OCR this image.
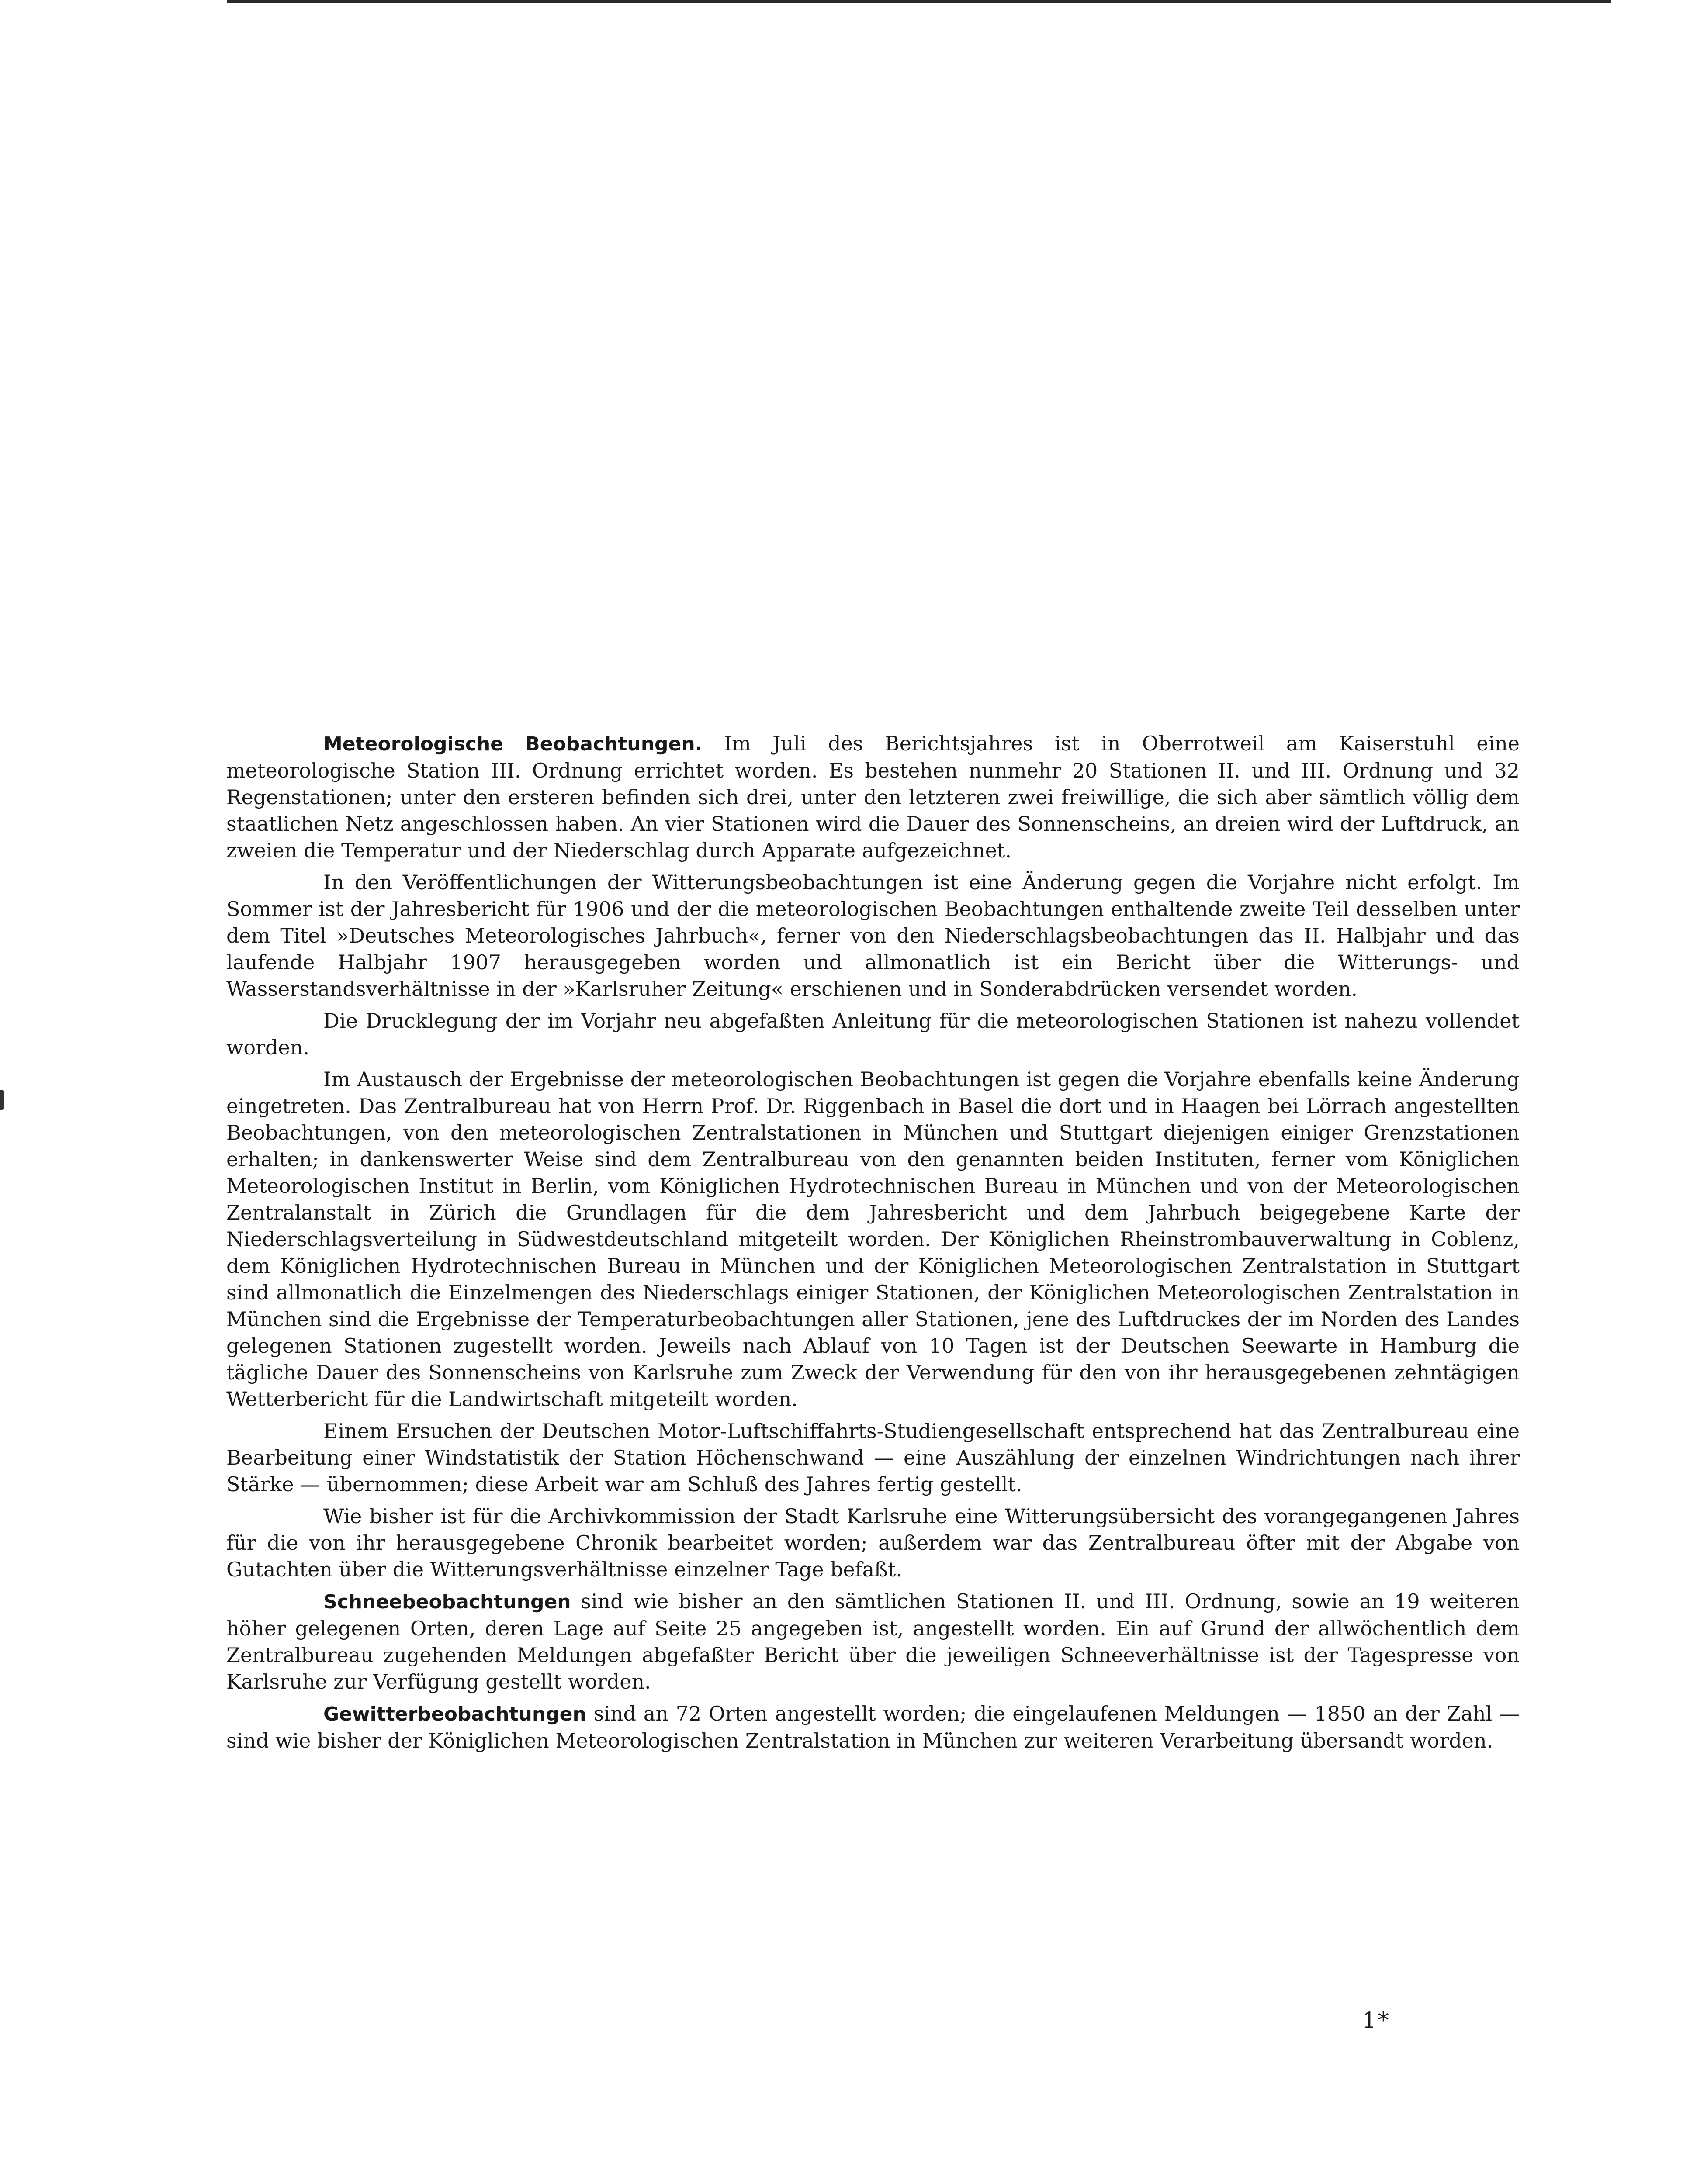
Meteorologische Beobachtungen. Im Juli des Berichtsjahres ist in Oberrotweil am Kaiserstuhl eine meteorologische Station III. Ordnung errichtet worden. Es bestehen nunmehr 20 Stationen II. und III. Ordnung und 32 Regenstationen; unter den ersteren befinden sich drei, unter den letzteren zwei freiwillige, die sich aber sämtlich völlig dem staatlichen Netz angeschlossen haben. An vier Stationen wird die Dauer des Sonnenscheins, an dreien wird der Luftdruck, an zweien die Temperatur und der Niederschlag durch Apparate aufgezeichnet.

In den Veröffentlichungen der Witterungsbeobachtungen ist eine Änderung gegen die Vorjahre nicht erfolgt. Im Sommer ist der Jahresbericht für 1906 und der die meteorologischen Beobachtungen enthaltende zweite Teil desselben unter dem Titel »Deutsches Meteorologisches Jahrbuch«, ferner von den Niederschlagsbeobachtungen das II. Halbjahr und das laufende Halbjahr 1907 herausgegeben worden und allmonatlich ist ein Bericht über die Witterungs- und Wasserstandsverhältnisse in der »Karlsruher Zeitung« erschienen und in Sonderabdrücken versendet worden.

Die Drucklegung der im Vorjahr neu abgefaßten Anleitung für die meteorologischen Stationen ist nahezu vollendet worden.

Im Austausch der Ergebnisse der meteorologischen Beobachtungen ist gegen die Vorjahre ebenfalls keine Änderung eingetreten. Das Zentralbureau hat von Herrn Prof. Dr. Riggenbach in Basel die dort und in Haagen bei Lörrach angestellten Beobachtungen, von den meteorologischen Zentralstationen in München und Stuttgart diejenigen einiger Grenzstationen erhalten; in dankenswerter Weise sind dem Zentralbureau von den genannten beiden Instituten, ferner vom Königlichen Meteorologischen Institut in Berlin, vom Königlichen Hydrotechnischen Bureau in München und von der Meteorologischen Zentralanstalt in Zürich die Grundlagen für die dem Jahresbericht und dem Jahrbuch beigegebene Karte der Niederschlagsverteilung in Südwestdeutschland mitgeteilt worden. Der Königlichen Rheinstrombauverwaltung in Coblenz, dem Königlichen Hydrotechnischen Bureau in München und der Königlichen Meteorologischen Zentralstation in Stuttgart sind allmonatlich die Einzelmengen des Niederschlags einiger Stationen, der Königlichen Meteorologischen Zentralstation in München sind die Ergebnisse der Temperaturbeobachtungen aller Stationen, jene des Luftdruckes der im Norden des Landes gelegenen Stationen zugestellt worden. Jeweils nach Ablauf von 10 Tagen ist der Deutschen Seewarte in Hamburg die tägliche Dauer des Sonnenscheins von Karlsruhe zum Zweck der Verwendung für den von ihr herausgegebenen zehntägigen Wetterbericht für die Landwirtschaft mitgeteilt worden.

Einem Ersuchen der Deutschen Motor-Luftschiffahrts-Studiengesellschaft entsprechend hat das Zentralbureau eine Bearbeitung einer Windstatistik der Station Höchenschwand — eine Auszählung der einzelnen Windrichtungen nach ihrer Stärke — übernommen; diese Arbeit war am Schluß des Jahres fertig gestellt.

Wie bisher ist für die Archivkommission der Stadt Karlsruhe eine Witterungsübersicht des vorangegangenen Jahres für die von ihr herausgegebene Chronik bearbeitet worden; außerdem war das Zentralbureau öfter mit der Abgabe von Gutachten über die Witterungsverhältnisse einzelner Tage befaßt.

Schneebeobachtungen sind wie bisher an den sämtlichen Stationen II. und III. Ordnung, sowie an 19 weiteren höher gelegenen Orten, deren Lage auf Seite 25 angegeben ist, angestellt worden. Ein auf Grund der allwöchentlich dem Zentralbureau zugehenden Meldungen abgefaßter Bericht über die jeweiligen Schneeverhältnisse ist der Tagespresse von Karlsruhe zur Verfügung gestellt worden.

Gewitterbeobachtungen sind an 72 Orten angestellt worden; die eingelaufenen Meldungen — 1850 an der Zahl — sind wie bisher der Königlichen Meteorologischen Zentralstation in München zur weiteren Verarbeitung übersandt worden.

1*
